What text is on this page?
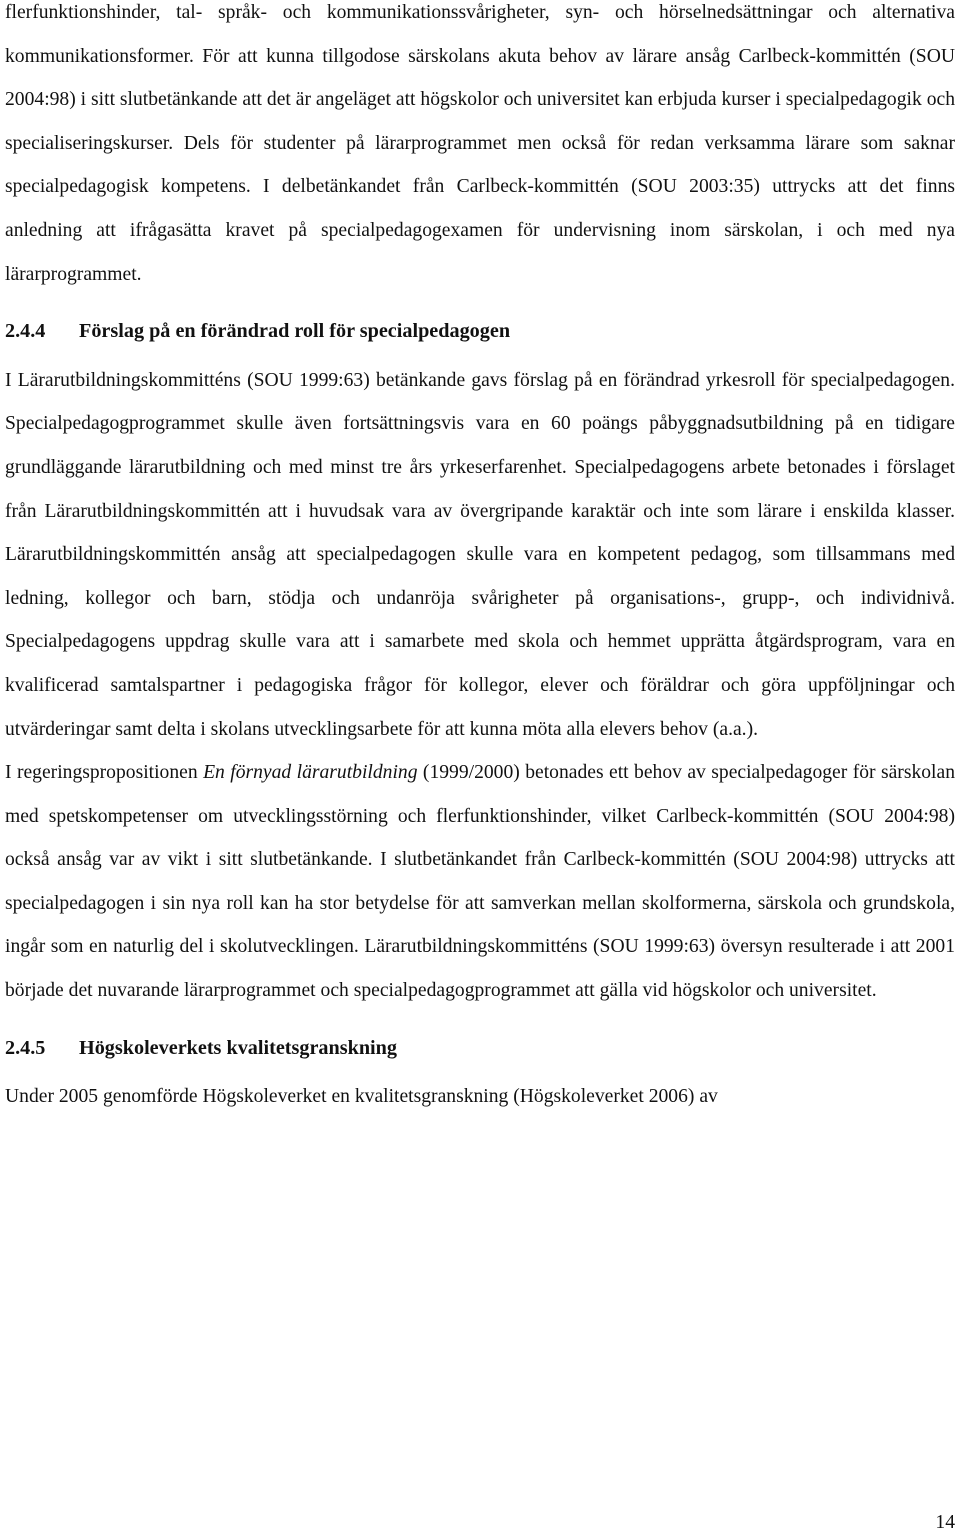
flerfunktionshinder, tal- språk- och kommunikationssvårigheter, syn- och hörselnedsättningar och alternativa kommunikationsformer. För att kunna tillgodose särskolans akuta behov av lärare ansåg Carlbeck-kommittén (SOU 2004:98) i sitt slutbetänkande att det är angeläget att högskolor och universitet kan erbjuda kurser i specialpedagogik och specialiseringskurser. Dels för studenter på lärarprogrammet men också för redan verksamma lärare som saknar specialpedagogisk kompetens. I delbetänkandet från Carlbeck-kommittén (SOU 2003:35) uttrycks att det finns anledning att ifrågasätta kravet på specialpedagogexamen för undervisning inom särskolan, i och med nya lärarprogrammet.

2.4.4 Förslag på en förändrad roll för specialpedagogen

I Lärarutbildningskommitténs (SOU 1999:63) betänkande gavs förslag på en förändrad yrkesroll för specialpedagogen. Specialpedagogprogrammet skulle även fortsättningsvis vara en 60 poängs påbyggnadsutbildning på en tidigare grundläggande lärarutbildning och med minst tre års yrkeserfarenhet. Specialpedagogens arbete betonades i förslaget från Lärarutbildningskommittén att i huvudsak vara av övergripande karaktär och inte som lärare i enskilda klasser. Lärarutbildningskommittén ansåg att specialpedagogen skulle vara en kompetent pedagog, som tillsammans med ledning, kollegor och barn, stödja och undanröja svårigheter på organisations-, grupp-, och individnivå. Specialpedagogens uppdrag skulle vara att i samarbete med skola och hemmet upprätta åtgärdsprogram, vara en kvalificerad samtalspartner i pedagogiska frågor för kollegor, elever och föräldrar och göra uppföljningar och utvärderingar samt delta i skolans utvecklingsarbete för att kunna möta alla elevers behov (a.a.).

I regeringspropositionen En förnyad lärarutbildning (1999/2000) betonades ett behov av specialpedagoger för särskolan med spetskompetenser om utvecklingsstörning och flerfunktionshinder, vilket Carlbeck-kommittén (SOU 2004:98) också ansåg var av vikt i sitt slutbetänkande. I slutbetänkandet från Carlbeck-kommittén (SOU 2004:98) uttrycks att specialpedagogen i sin nya roll kan ha stor betydelse för att samverkan mellan skolformerna, särskola och grundskola, ingår som en naturlig del i skolutvecklingen. Lärarutbildningskommitténs (SOU 1999:63) översyn resulterade i att 2001 började det nuvarande lärarprogrammet och specialpedagogprogrammet att gälla vid högskolor och universitet.

2.4.5 Högskoleverkets kvalitetsgranskning

Under 2005 genomförde Högskoleverket en kvalitetsgranskning (Högskoleverket 2006) av

14
